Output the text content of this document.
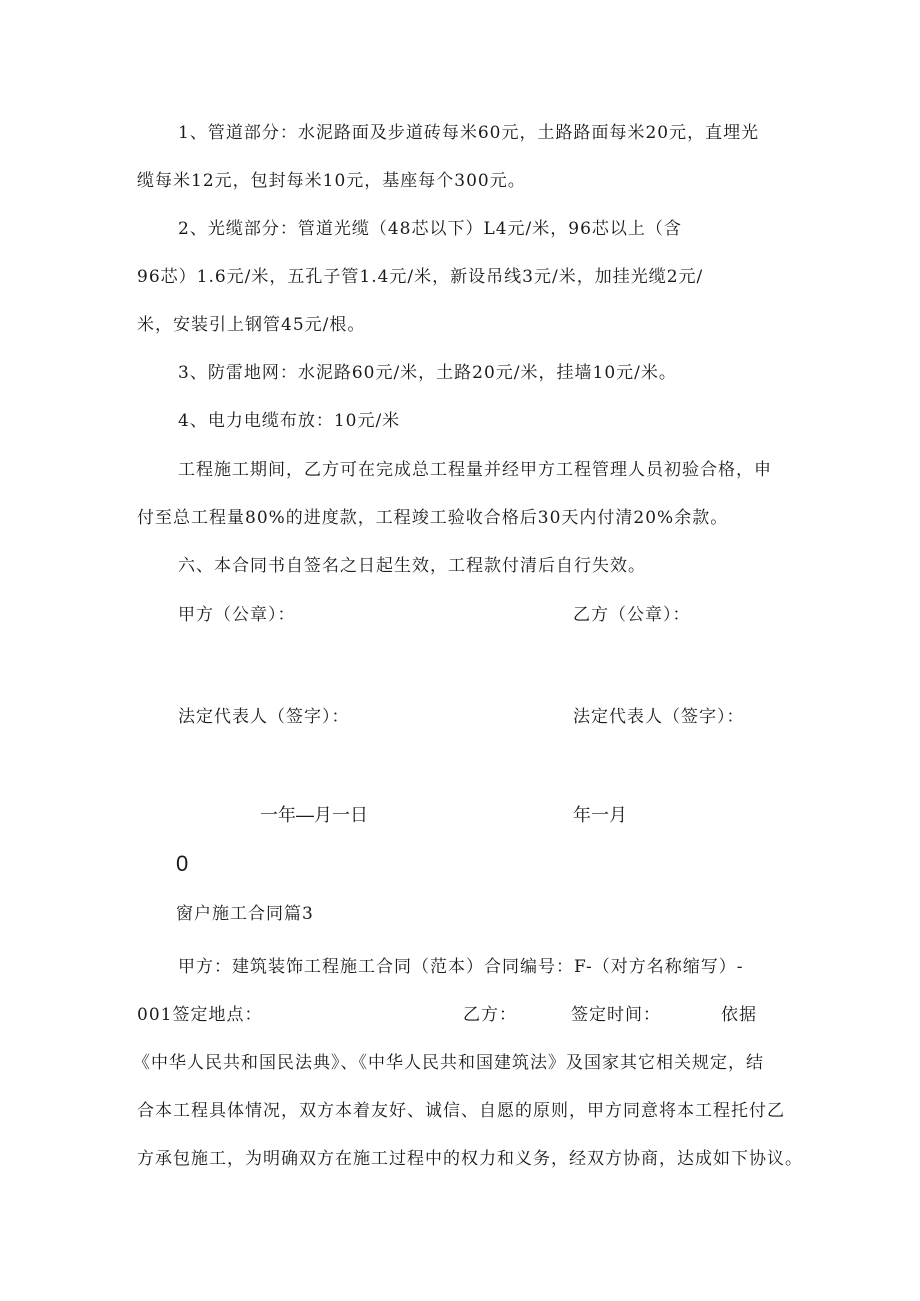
1、管道部分：水泥路面及步道砖每米60元，土路路面每米20元，直埋光
缆每米12元，包封每米10元，基座每个300元。
2、光缆部分：管道光缆（48芯以下）L4元/米，96芯以上（含
96芯）1.6元/米，五孔子管1.4元/米，新设吊线3元/米，加挂光缆2元/
米，安装引上钢管45元/根。
3、防雷地网：水泥路60元/米，土路20元/米，挂墙10元/米。
4、电力电缆布放：10元/米
工程施工期间，乙方可在完成总工程量并经甲方工程管理人员初验合格，申
付至总工程量80%的进度款，工程竣工验收合格后30天内付清20%余款。
六、本合同书自签名之日起生效，工程款付清后自行失效。
甲方（公章）：	乙方（公章）：
法定代表人（签字）：	法定代表人（签字）：
一年—月一日	年一月
0
窗户施工合同篇3
甲方：建筑装饰工程施工合同（范本）合同编号：F-（对方名称缩写）-
001签定地点：	乙方：	签定时间：	依据
《中华人民共和国民法典》、《中华人民共和国建筑法》及国家其它相关规定，结
合本工程具体情况，双方本着友好、诚信、自愿的原则，甲方同意将本工程托付乙
方承包施工，为明确双方在施工过程中的权力和义务，经双方协商，达成如下协议。
